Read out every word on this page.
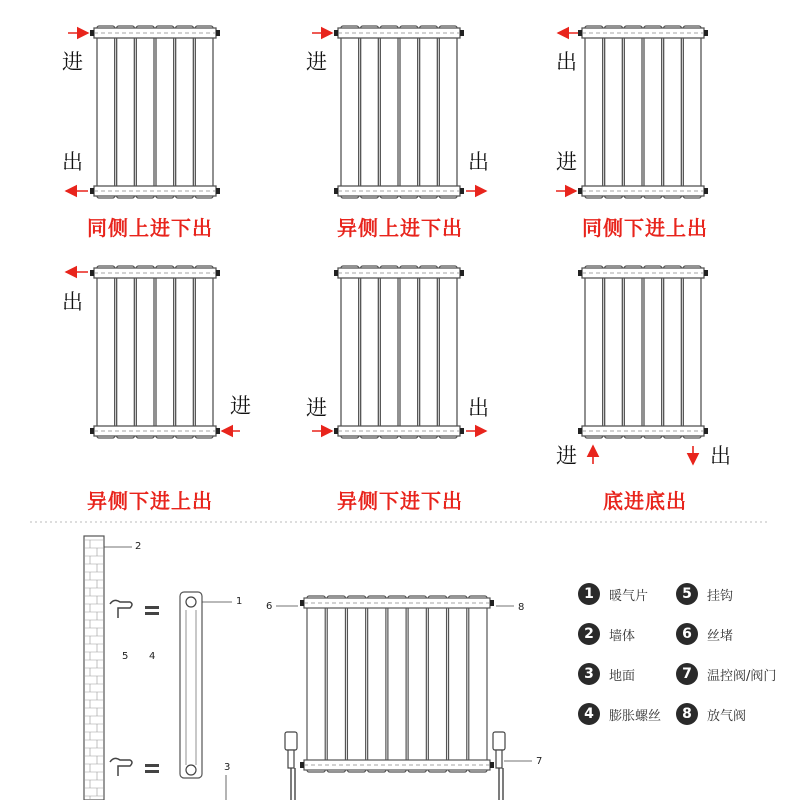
同侧上进下出	异侧上进下出	同侧下进上出
异侧下进上出	异侧下进下出	底进底出
进
出
进
出
出
进
出
进	进	出
进	出
2
1
5 4
3
6	8
7
1	暖气片	5	挂钩
2	墙体	6	丝堵
3	地面	7	温控阀/阀门
4	膨胀螺丝	8	放气阀
